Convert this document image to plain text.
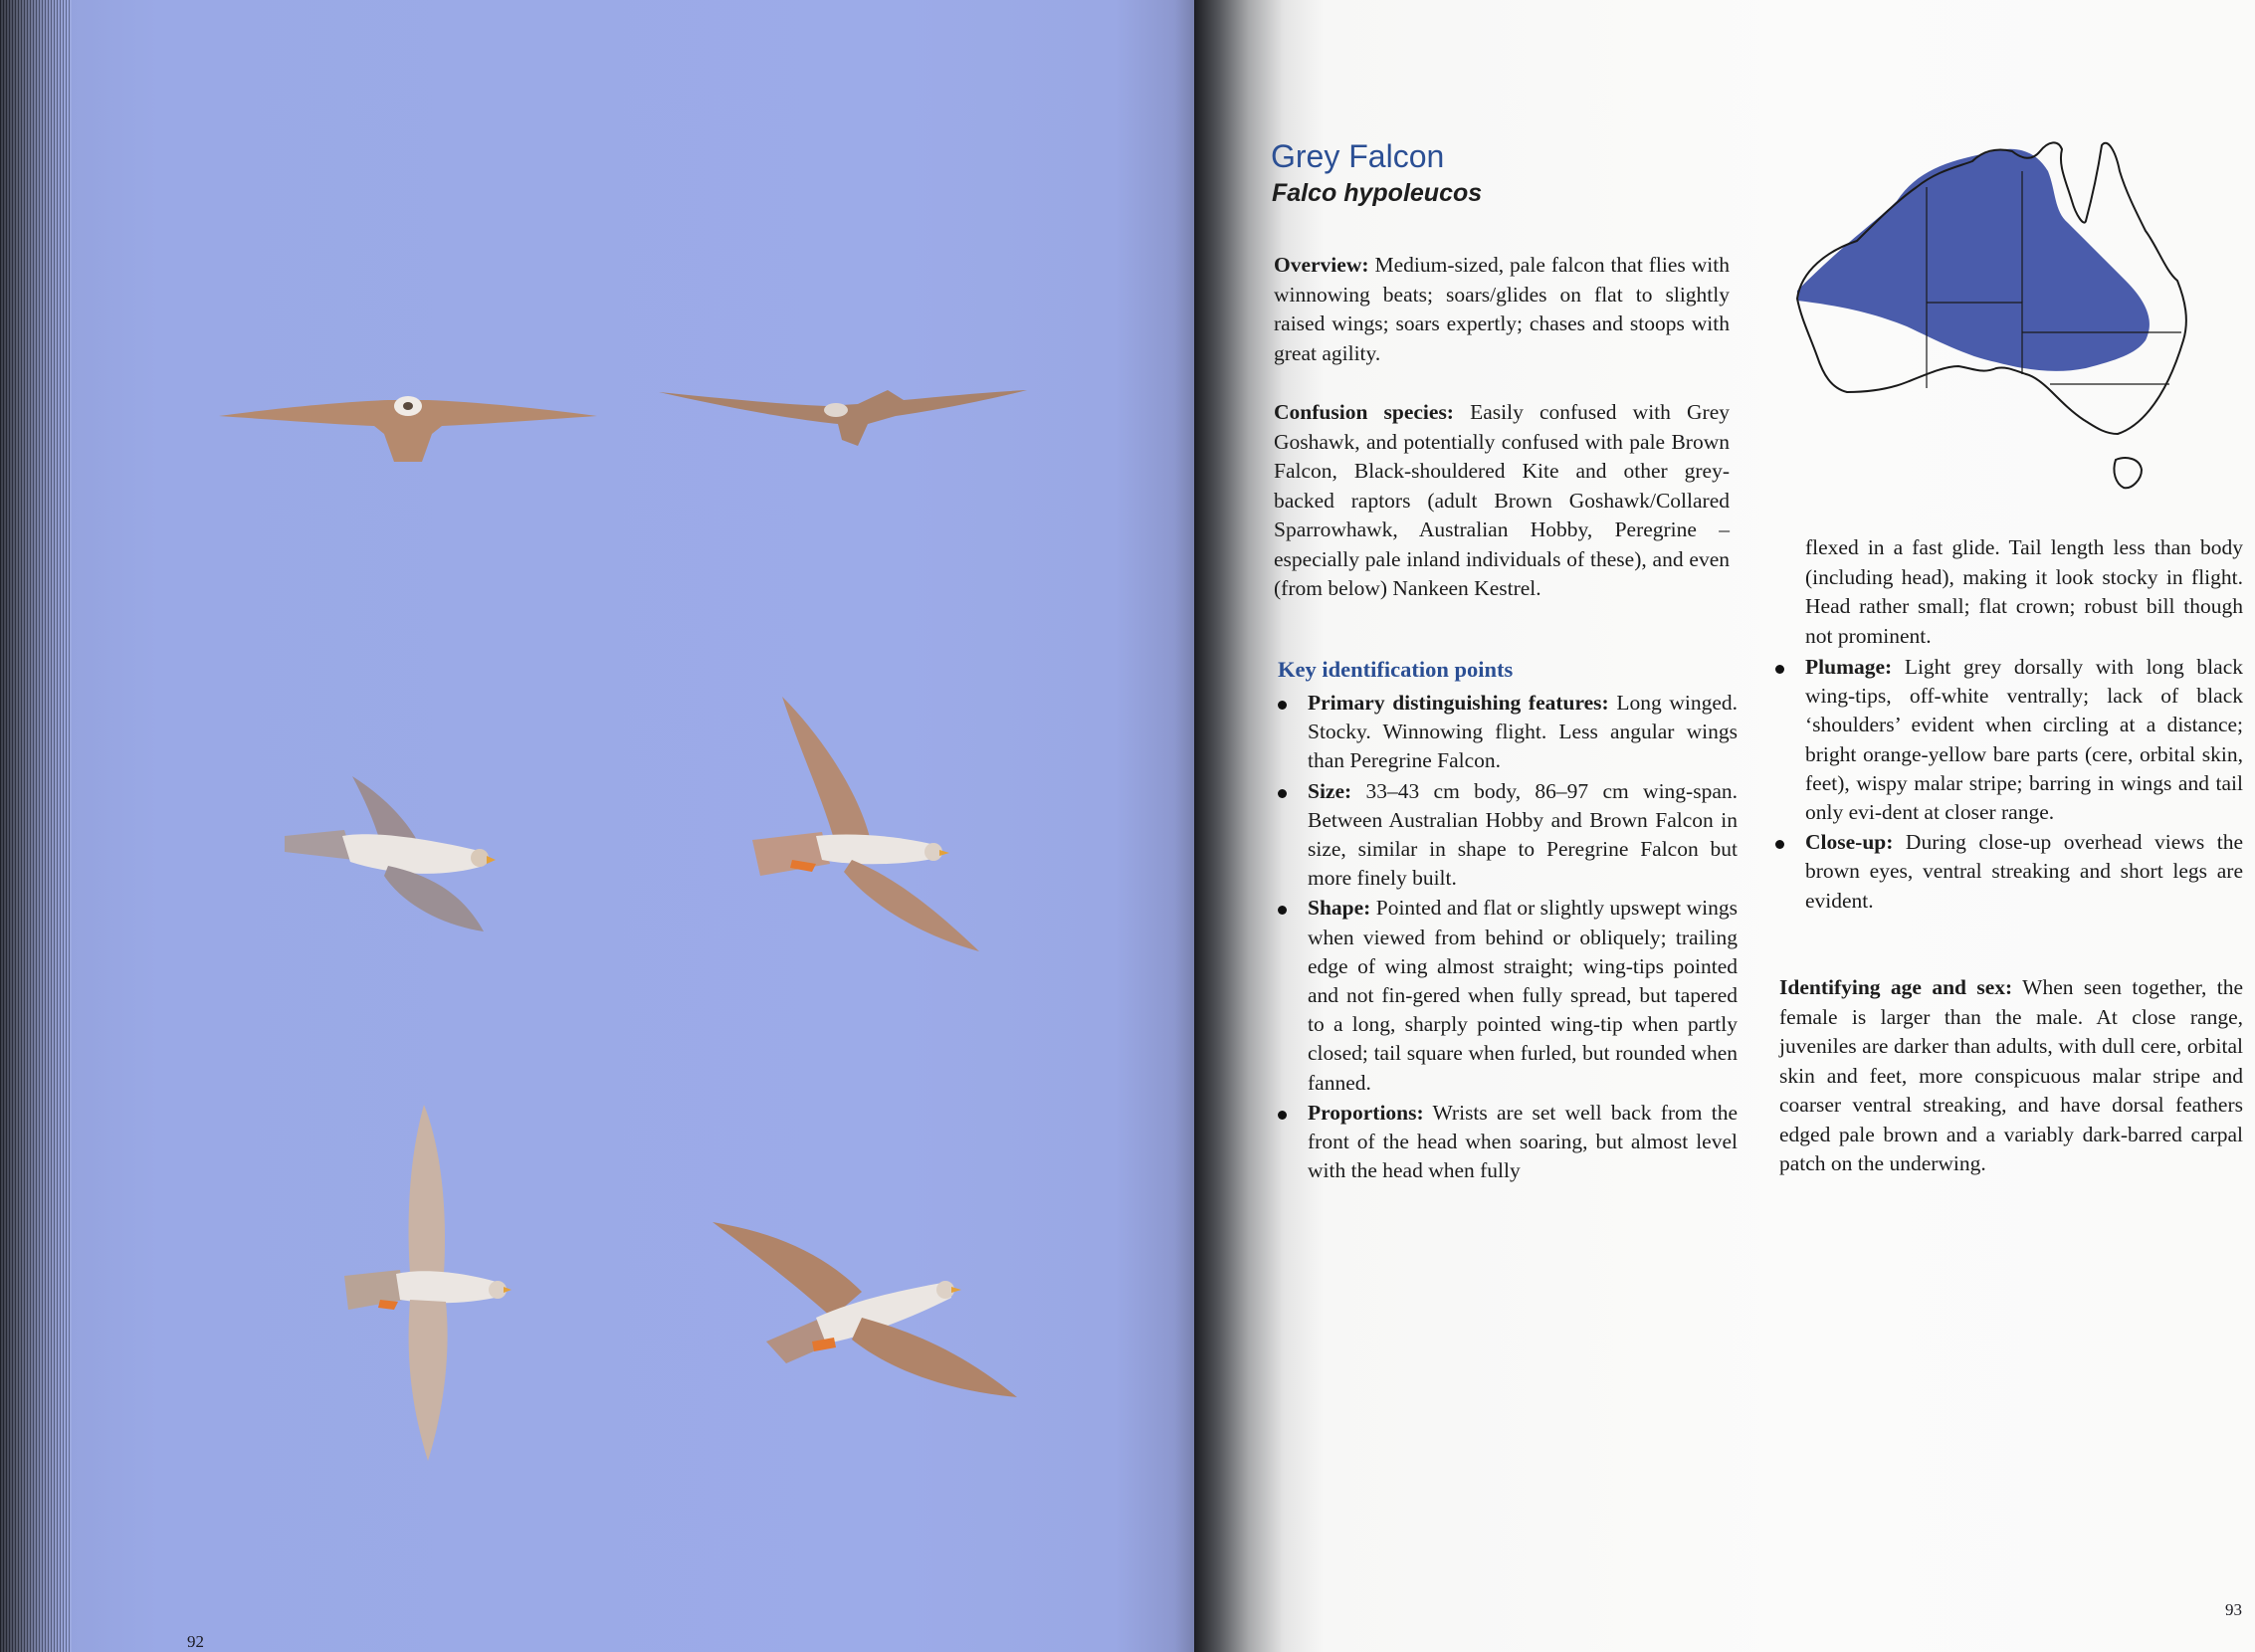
92
Grey Falcon
Falco hypoleucos

Overview: Medium-sized, pale falcon that flies with winnowing beats; soars/glides on flat to slightly raised wings; soars expertly; chases and stoops with great agility.

Confusion species: Easily confused with Grey Goshawk, and potentially confused with pale Brown Falcon, Black-shouldered Kite and other grey-backed raptors (adult Brown Goshawk/Collared Sparrowhawk, Australian Hobby, Peregrine – especially pale inland individuals of these), and even (from below) Nankeen Kestrel.

Key identification points
Primary distinguishing features: Long winged. Stocky. Winnowing flight. Less angular wings than Peregrine Falcon.
Size: 33–43 cm body, 86–97 cm wing-span. Between Australian Hobby and Brown Falcon in size, similar in shape to Peregrine Falcon but more finely built.
Shape: Pointed and flat or slightly upswept wings when viewed from behind or obliquely; trailing edge of wing almost straight; wing-tips pointed and not fin-gered when fully spread, but tapered to a long, sharply pointed wing-tip when partly closed; tail square when furled, but rounded when fanned.
Proportions: Wrists are set well back from the front of the head when soaring, but almost level with the head when fully

flexed in a fast glide. Tail length less than body (including head), making it look stocky in flight. Head rather small; flat crown; robust bill though not prominent.

Plumage: Light grey dorsally with long black wing-tips, off-white ventrally; lack of black ‘shoulders’ evident when circling at a distance; bright orange-yellow bare parts (cere, orbital skin, feet), wispy malar stripe; barring in wings and tail only evi-dent at closer range.
Close-up: During close-up overhead views the brown eyes, ventral streaking and short legs are evident.

Identifying age and sex: When seen together, the female is larger than the male. At close range, juveniles are darker than adults, with dull cere, orbital skin and feet, more conspicuous malar stripe and coarser ventral streaking, and have dorsal feathers edged pale brown and a variably dark-barred carpal patch on the underwing.

93
